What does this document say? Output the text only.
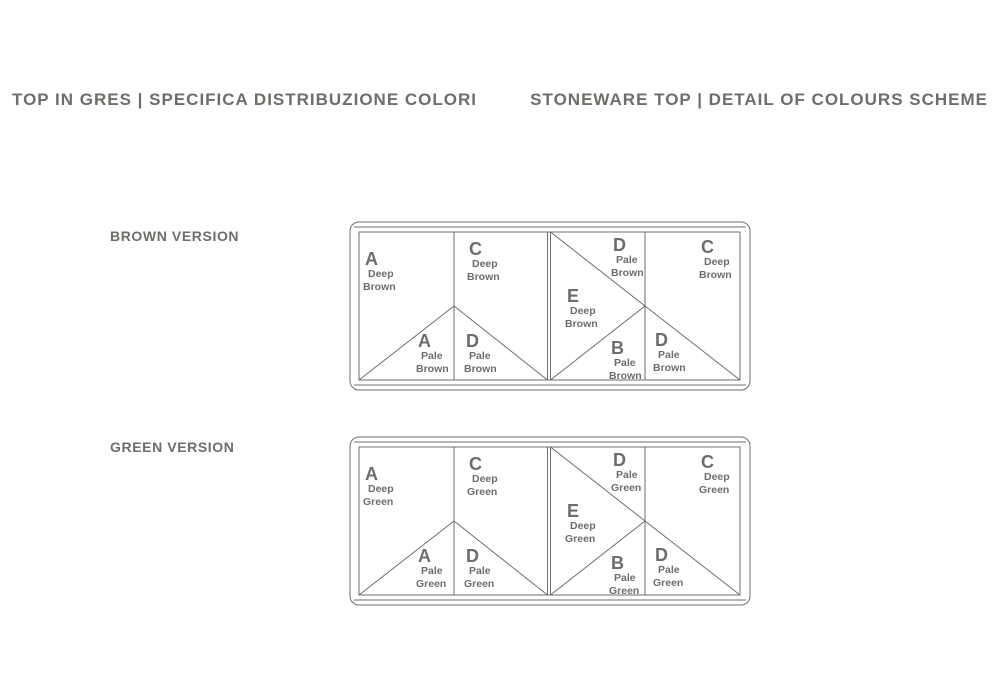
TOP IN GRES | SPECIFICA DISTRIBUZIONE COLORI	STONEWARE TOP | DETAIL OF COLOURS SCHEME
BROWN VERSION
GREEN VERSION
A
Deep
Brown
C
Deep
Brown
D
Pale
Brown
C
Deep
Brown
E
Deep
Brown
A
Pale
Brown
D
Pale
Brown
B
Pale
Brown
D
Pale
Brown
A
Deep
Green
C
Deep
Green
D
Pale
Green
C
Deep
Green
E
Deep
Green
A
Pale
Green
D
Pale
Green
B
Pale
Green
D
Pale
Green
